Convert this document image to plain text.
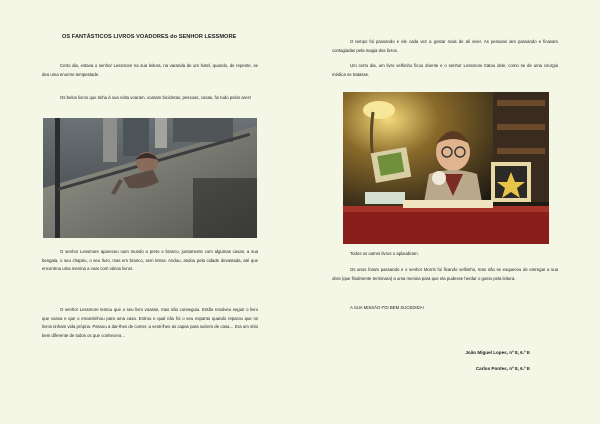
OS FANTÁSTICOS LIVROS VOADORES do SENHOR LESSMORE

Certo dia, estava o senhor Lessmore na sua leitura, na varanda de um hotel, quando, de repente, se deu uma enorme tempestade.

Os belos livros que tinha à sua volta voaram, voaram bicicletas, pessoas, casas, foi tudo pelos ares!

O senhor Lessmore apareceu num mundo a preto e branco, juntamente com algumas casas, a sua bengala, o seu chapéu, o seu livro, mas em branco, sem letras. Andou, andou pela cidade devastada, até que encontrou uma menina a voar com vários livros.

O senhor Lessmore tentou que o seu livro voasse, mas não conseguiu. Então resolveu seguir o livro que voava e que o encaminhou para uma casa. Entrou e qual não foi o seu espanto quando reparou que os livros tinham vida própria. Passou a dar-lhes de comer, a vesti-lhes as capas para saírem de casa… Era um sítio bem diferente de todos os que conhecera…

O tempo foi passando e ele cada vez a gostar mais de ali viver. As pessoas iam passando e ficavam contagiadas pela magia dos livros.

Um certo dia, um livro velhinho ficou doente e o senhor Lessmore tratou dele, como se de uma cirurgia médica se tratasse.

Todos os outros livros o aplaudiram.

Os anos foram passando e o senhor Morris foi ficando velhinho, mas não se esqueceu de entregar a sua obra (que finalmente terminara) a uma menina para que ela pudesse herdar o gosto pela leitura.

A SUA MISSÃO FOI BEM SUCEDIDA!

João Miguel Lopes, nº 8, 6.º E
Carlos Pontes, nº 8, 6.º E
